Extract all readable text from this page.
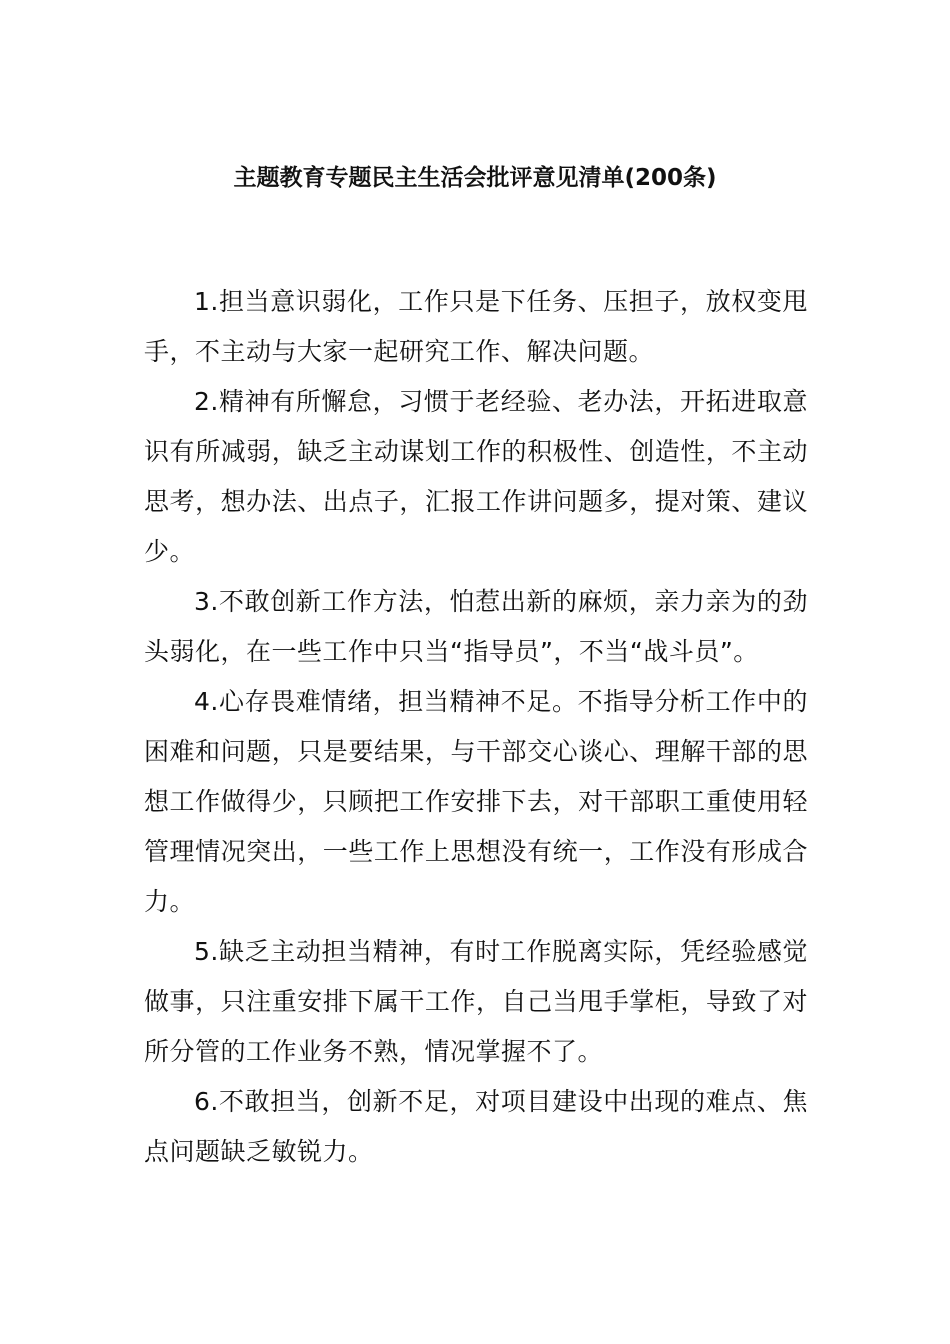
主题教育专题民主生活会批评意见清单(200条)

1.担当意识弱化，工作只是下任务、压担子，放权变甩手，不主动与大家一起研究工作、解决问题。

2.精神有所懈怠，习惯于老经验、老办法，开拓进取意识有所减弱，缺乏主动谋划工作的积极性、创造性，不主动思考，想办法、出点子，汇报工作讲问题多，提对策、建议少。

3.不敢创新工作方法，怕惹出新的麻烦，亲力亲为的劲头弱化，在一些工作中只当“指导员”，不当“战斗员”。

4.心存畏难情绪，担当精神不足。不指导分析工作中的困难和问题，只是要结果，与干部交心谈心、理解干部的思想工作做得少，只顾把工作安排下去，对干部职工重使用轻管理情况突出，一些工作上思想没有统一，工作没有形成合力。

5.缺乏主动担当精神，有时工作脱离实际，凭经验感觉做事，只注重安排下属干工作，自己当甩手掌柜，导致了对所分管的工作业务不熟，情况掌握不了。

6.不敢担当，创新不足，对项目建设中出现的难点、焦点问题缺乏敏锐力。
